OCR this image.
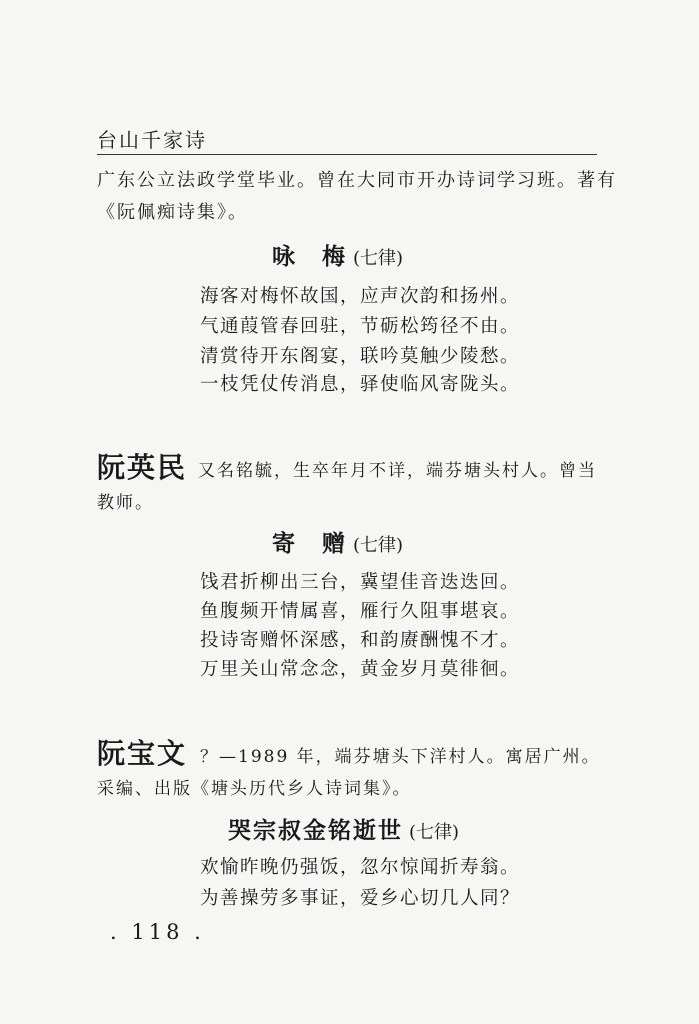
台山千家诗
广东公立法政学堂毕业。曾在大同市开办诗词学习班。著有
《阮佩痴诗集》。
咏　梅 (七律)
海客对梅怀故国，应声次韵和扬州。
气通葭管春回驻，节砺松筠径不由。
清赏待开东阁宴，联吟莫触少陵愁。
一枝凭仗传消息，驿使临风寄陇头。
阮英民 又名铭毓，生卒年月不详，端芬塘头村人。曾当
教师。
寄　赠 (七律)
饯君折柳出三台，冀望佳音迭迭回。
鱼腹频开情属喜，雁行久阻事堪哀。
投诗寄赠怀深感，和韵赓酬愧不才。
万里关山常念念，黄金岁月莫徘徊。
阮宝文 ？—1989 年，端芬塘头下洋村人。寓居广州。
采编、出版《塘头历代乡人诗词集》。
哭宗叔金铭逝世 (七律)
欢愉昨晚仍强饭，忽尔惊闻折寿翁。
为善操劳多事证，爱乡心切几人同？
. 118 .
